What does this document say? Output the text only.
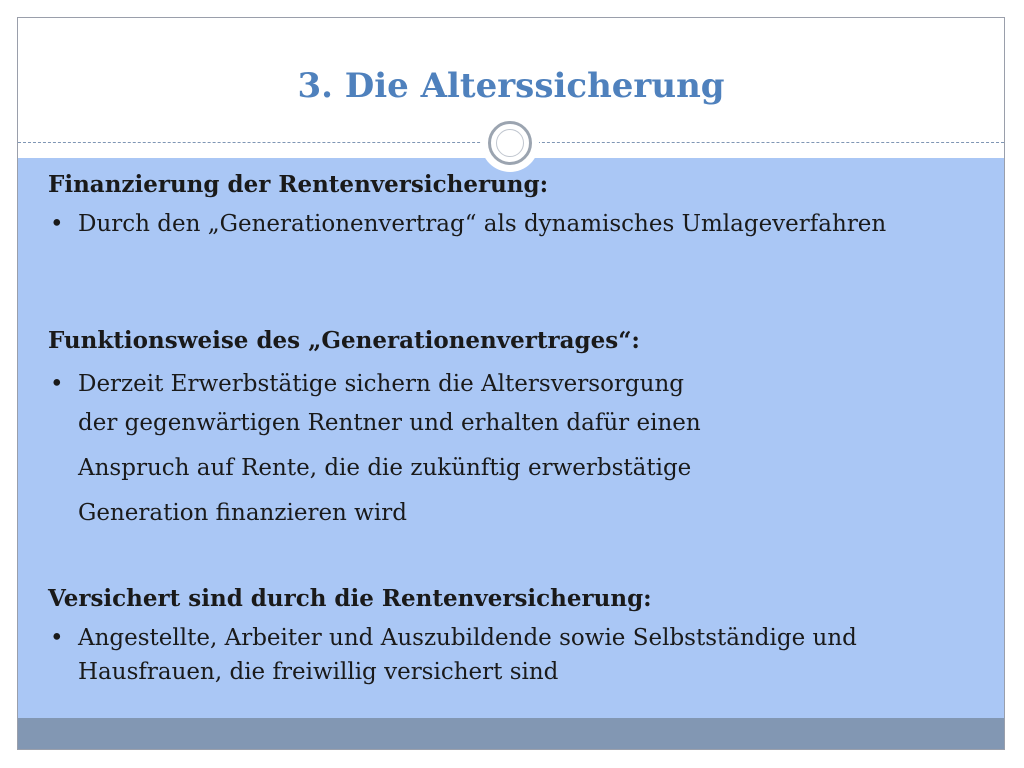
3. Die Alterssicherung

Finanzierung der Rentenversicherung:

• Durch den „Generationenvertrag“ als dynamisches Umlageverfahren

Funktionsweise des „Generationenvertrages“:

• Derzeit Erwerbstätige sichern die Altersversorgung

der gegenwärtigen Rentner und erhalten dafür einen

Anspruch auf Rente, die die zukünftig erwerbstätige

Generation finanzieren wird

Versichert sind durch die Rentenversicherung:

• Angestellte, Arbeiter und Auszubildende sowie Selbstständige und Hausfrauen, die freiwillig versichert sind
